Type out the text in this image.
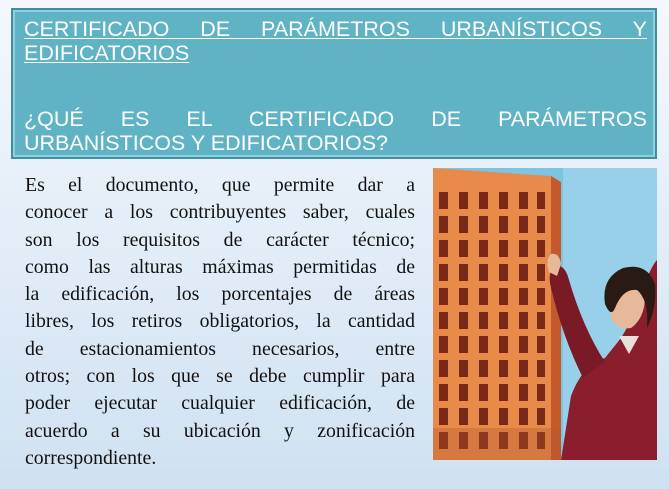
CERTIFICADO DE PARÁMETROS URBANÍSTICOS Y
EDIFICATORIOS
¿QUÉ ES EL CERTIFICADO DE PARÁMETROS
URBANÍSTICOS Y EDIFICATORIOS?
Es el documento, que permite dar a
conocer a los contribuyentes saber, cuales
son los requisitos de carácter técnico;
como las alturas máximas permitidas de
la edificación, los porcentajes de áreas
libres, los retiros obligatorios, la cantidad
de estacionamientos necesarios, entre
otros; con los que se debe cumplir para
poder ejecutar cualquier edificación, de
acuerdo a su ubicación y zonificación
correspondiente.
